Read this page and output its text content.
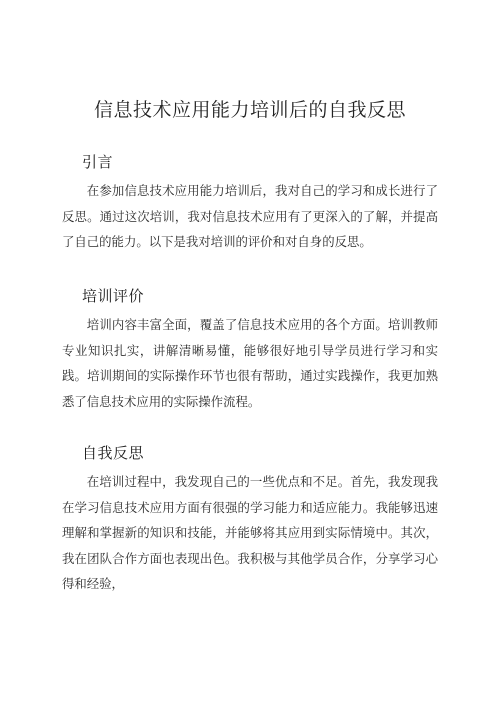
信息技术应用能力培训后的自我反思
引言

在参加信息技术应用能力培训后，我对自己的学习和成长进行了反思。通过这次培训，我对信息技术应用有了更深入的了解，并提高了自己的能力。以下是我对培训的评价和对自身的反思。

培训评价

培训内容丰富全面，覆盖了信息技术应用的各个方面。培训教师专业知识扎实，讲解清晰易懂，能够很好地引导学员进行学习和实践。培训期间的实际操作环节也很有帮助，通过实践操作，我更加熟悉了信息技术应用的实际操作流程。

自我反思

在培训过程中，我发现自己的一些优点和不足。首先，我发现我在学习信息技术应用方面有很强的学习能力和适应能力。我能够迅速理解和掌握新的知识和技能，并能够将其应用到实际情境中。其次，我在团队合作方面也表现出色。我积极与其他学员合作，分享学习心得和经验，
